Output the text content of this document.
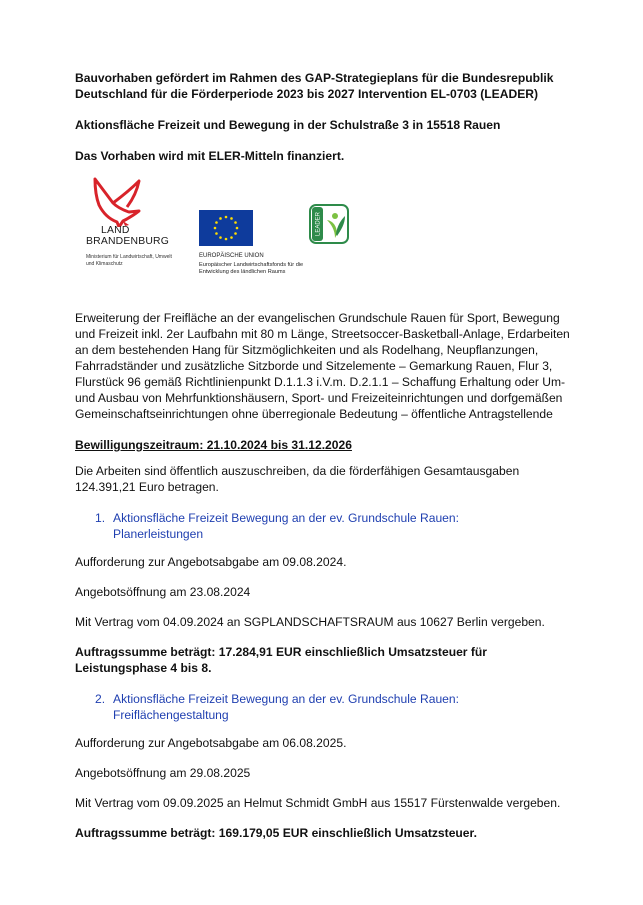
Bauvorhaben gefördert im Rahmen des GAP-Strategieplans für die Bundesrepublik Deutschland für die Förderperiode 2023 bis 2027 Intervention EL-0703 (LEADER)

Aktionsfläche Freizeit und Bewegung in der Schulstraße 3 in 15518 Rauen

Das Vorhaben wird mit ELER-Mitteln finanziert.

LAND
BRANDENBURG
Ministerium für Landwirtschaft, Umwelt und Klimaschutz
EUROPÄISCHE UNION
Europäischer Landwirtschaftsfonds für die Entwicklung des ländlichen Raums
LEADER

Erweiterung der Freifläche an der evangelischen Grundschule Rauen für Sport, Bewegung und Freizeit inkl. 2er Laufbahn mit 80 m Länge, Streetsoccer-Basketball-Anlage, Erdarbeiten an dem bestehenden Hang für Sitzmöglichkeiten und als Rodelhang, Neupflanzungen, Fahrradständer und zusätzliche Sitzborde und Sitzelemente – Gemarkung Rauen, Flur 3, Flurstück 96 gemäß Richtlinienpunkt D.1.1.3 i.V.m. D.2.1.1 – Schaffung Erhaltung oder Um- und Ausbau von Mehrfunktionshäusern, Sport- und Freizeiteinrichtungen und dorfgemäßen Gemeinschaftseinrichtungen ohne überregionale Bedeutung – öffentliche Antragstellende

Bewilligungszeitraum: 21.10.2024 bis 31.12.2026

Die Arbeiten sind öffentlich auszuschreiben, da die förderfähigen Gesamtausgaben 124.391,21 Euro betragen.

1. Aktionsfläche Freizeit Bewegung an der ev. Grundschule Rauen: Planerleistungen

Aufforderung zur Angebotsabgabe am 09.08.2024.

Angebotsöffnung am 23.08.2024

Mit Vertrag vom 04.09.2024 an SGPLANDSCHAFTSRAUM aus 10627 Berlin vergeben.

Auftragssumme beträgt: 17.284,91 EUR einschließlich Umsatzsteuer für Leistungsphase 4 bis 8.

2. Aktionsfläche Freizeit Bewegung an der ev. Grundschule Rauen: Freiflächengestaltung

Aufforderung zur Angebotsabgabe am 06.08.2025.

Angebotsöffnung am 29.08.2025

Mit Vertrag vom 09.09.2025 an Helmut Schmidt GmbH aus 15517 Fürstenwalde vergeben.

Auftragssumme beträgt: 169.179,05 EUR einschließlich Umsatzsteuer.
